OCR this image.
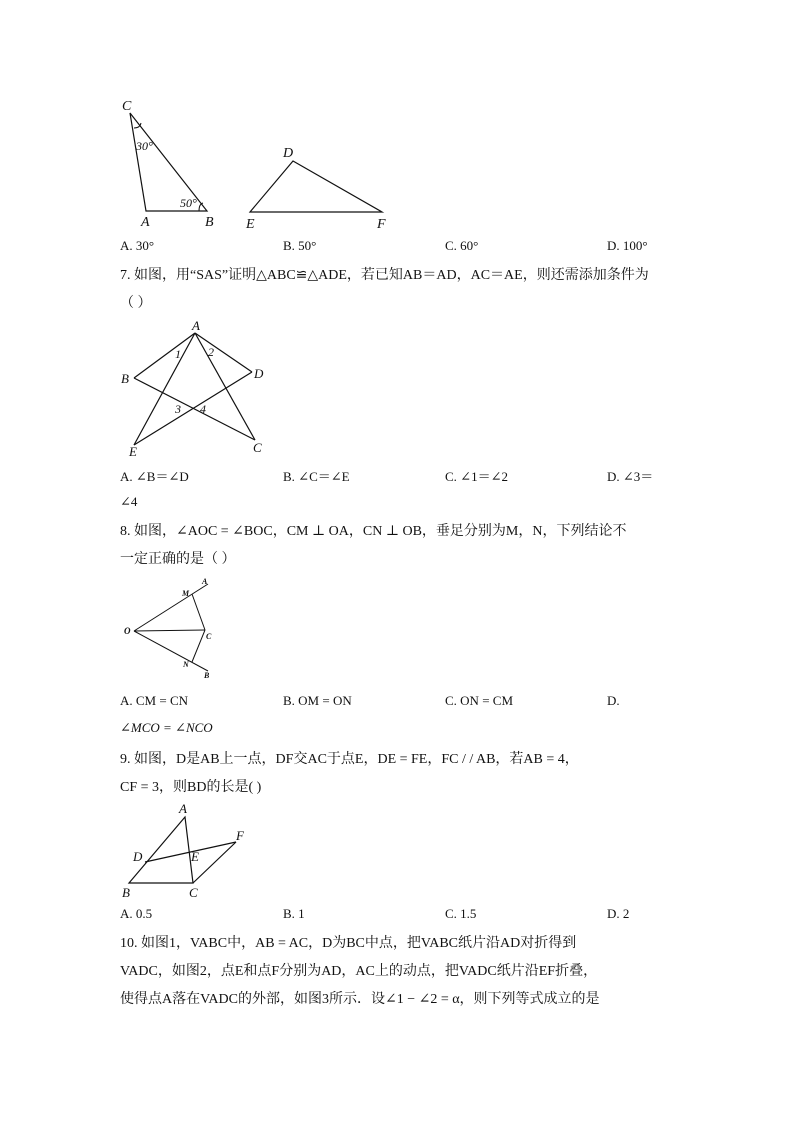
C
A	B
30°
50°
D
E	F
A. 30°	B. 50°	C. 60°	D. 100°
7. 如图，用“SAS”证明△ABC≌△ADE，若已知AB＝AD，AC＝AE，则还需添加条件为
（ ）
A
B	D
E	C
1 2
3 4
A. ∠B＝∠D	B. ∠C＝∠E	C. ∠1＝∠2	D. ∠3＝
∠4
8. 如图，∠AOC = ∠BOC，CM ⊥ OA，CN ⊥ OB，垂足分别为M，N，下列结论不
一定正确的是（ ）
O
A
M
C
N
B
A. CM = CN	B. OM = ON	C. ON = CM	D.
∠MCO = ∠NCO
9. 如图，D是AB上一点，DF交AC于点E，DE = FE，FC / / AB，若AB = 4，
CF = 3，则BD的长是( )
A
D	E
F
B	C
A. 0.5	B. 1	C. 1.5	D. 2
10. 如图1，VABC中，AB = AC，D为BC中点，把VABC纸片沿AD对折得到
VADC，如图2，点E和点F分别为AD，AC上的动点，把VADC纸片沿EF折叠，
使得点A落在VADC的外部，如图3所示．设∠1 − ∠2 = α，则下列等式成立的是
